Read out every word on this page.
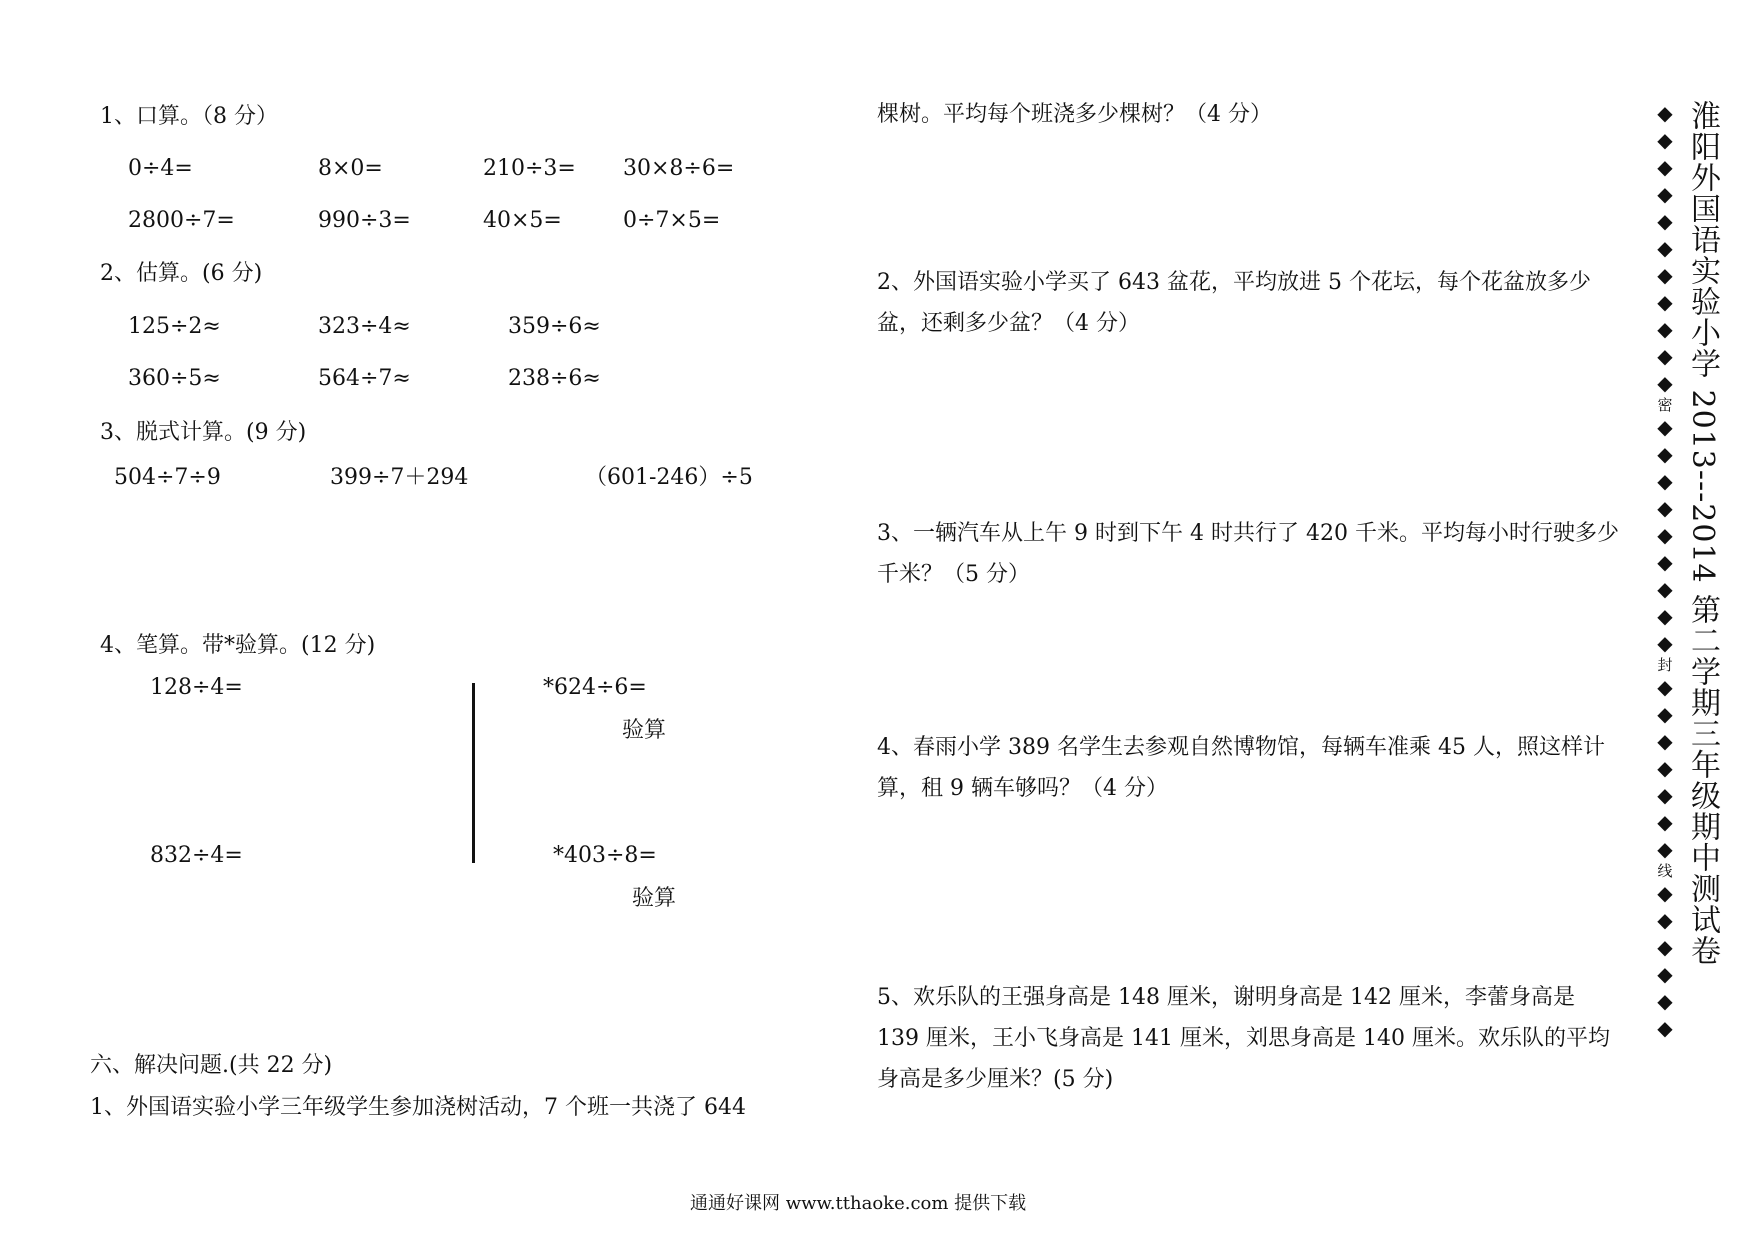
1、口算。（8 分）
0÷4=	8×0=	210÷3= 30×8÷6=
2800÷7=	990÷3=	40×5=	0÷7×5=
2、估算。(6 分)
125÷2≈	323÷4≈	359÷6≈
360÷5≈	564÷7≈	238÷6≈
3、脱式计算。(9 分)
504÷7÷9	399÷7＋294	（601-246）÷5
4、笔算。带*验算。(12 分)
128÷4=	*624÷6=
验算
832÷4=	*403÷8=
验算
六、解决问题.(共 22 分)
1、外国语实验小学三年级学生参加浇树活动，7 个班一共浇了 644
棵树。平均每个班浇多少棵树？（4 分）
2、外国语实验小学买了 643 盆花，平均放进 5 个花坛，每个花盆放多少盆，还剩多少盆？（4 分）
3、一辆汽车从上午 9 时到下午 4 时共行了 420 千米。平均每小时行驶多少千米？（5 分）
4、春雨小学 389 名学生去参观自然博物馆，每辆车准乘 45 人，照这样计算，租 9 辆车够吗？（4 分）
5、欢乐队的王强身高是 148 厘米，谢明身高是 142 厘米，李蕾身高是 139 厘米，王小飞身高是 141 厘米，刘思身高是 140 厘米。欢乐队的平均身高是多少厘米？(5 分)
◆
◆
◆
◆
◆
◆
◆
◆
◆
◆
◆
密
◆
◆
◆
◆
◆
◆
◆
◆
◆
封
◆
◆
◆
◆
◆
◆
◆
线
◆
◆
◆
◆
◆
◆
淮阳外国语实验小学 2013---2014 第二学期三年级期中测试卷
通通好课网 www.tthaoke.com 提供下载
